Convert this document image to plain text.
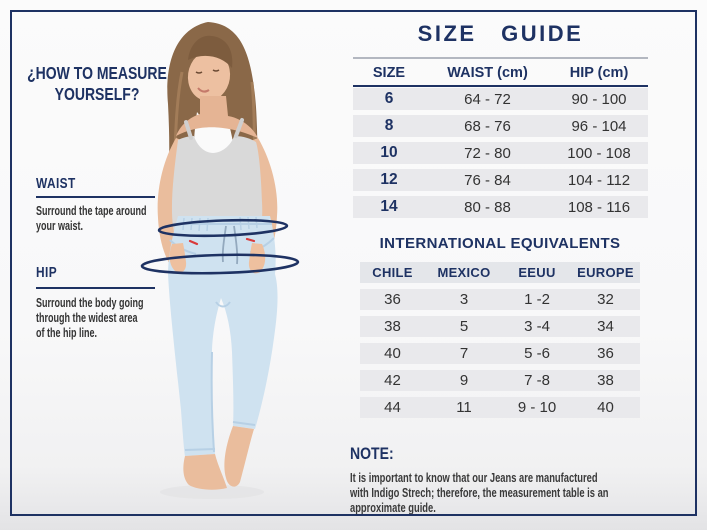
¿HOW TO MEASURE
YOURSELF?
WAIST
Surround the tape around
your waist.
HIP
Surround the body going
through the widest area
of the hip line.
SIZE GUIDE
SIZE	WAIST (cm)	HIP (cm)
6	64 - 72	90 - 100
8	68 - 76	96 - 104
10	72 - 80	100 - 108
12	76 - 84	104 - 112
14	80 - 88	108 - 116
INTERNATIONAL EQUIVALENTS
CHILE	MEXICO	EEUU	EUROPE
36	3	1 -2	32
38	5	3 -4	34
40	7	5 -6	36
42	9	7 -8	38
44	11	9 - 10	40
NOTE:
It is important to know that our Jeans are manufactured
with Indigo Strech; therefore, the measurement table is an
approximate guide.
